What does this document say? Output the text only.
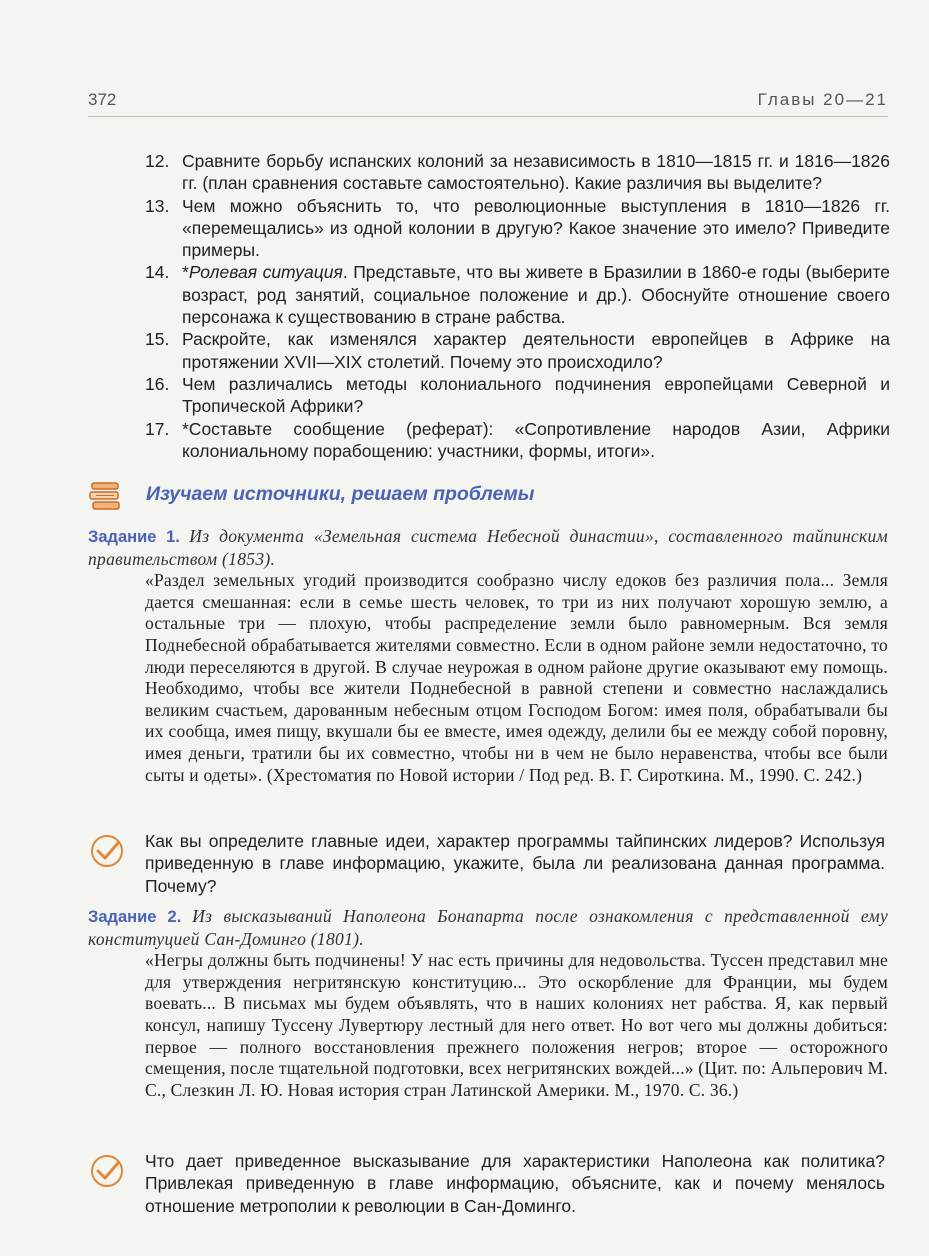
372	Главы 20—21
12. Сравните борьбу испанских колоний за независимость в 1810—1815 гг. и 1816—1826 гг. (план сравнения составьте самостоятельно). Какие различия вы выделите?
13. Чем можно объяснить то, что революционные выступления в 1810—1826 гг. «перемещались» из одной колонии в другую? Какое значение это имело? Приведите примеры.
14. *Ролевая ситуация. Представьте, что вы живете в Бразилии в 1860-е годы (выберите возраст, род занятий, социальное положение и др.). Обоснуйте отношение своего персонажа к существованию в стране рабства.
15. Раскройте, как изменялся характер деятельности европейцев в Африке на протяжении XVII—XIX столетий. Почему это происходило?
16. Чем различались методы колониального подчинения европейцами Северной и Тропической Африки?
17. *Составьте сообщение (реферат): «Сопротивление народов Азии, Африки колониальному порабощению: участники, формы, итоги».
Изучаем источники, решаем проблемы
Задание 1. Из документа «Земельная система Небесной династии», составленного тайпинским правительством (1853).
«Раздел земельных угодий производится сообразно числу едоков без различия пола... Земля дается смешанная: если в семье шесть человек, то три из них получают хорошую землю, а остальные три — плохую, чтобы распределение земли было равномерным. Вся земля Поднебесной обрабатывается жителями совместно. Если в одном районе земли недостаточно, то люди переселяются в другой. В случае неурожая в одном районе другие оказывают ему помощь. Необходимо, чтобы все жители Поднебесной в равной степени и совместно наслаждались великим счастьем, дарованным небесным отцом Господом Богом: имея поля, обрабатывали бы их сообща, имея пищу, вкушали бы ее вместе, имея одежду, делили бы ее между собой поровну, имея деньги, тратили бы их совместно, чтобы ни в чем не было неравенства, чтобы все были сыты и одеты». (Хрестоматия по Новой истории / Под ред. В. Г. Сироткина. М., 1990. С. 242.)
Как вы определите главные идеи, характер программы тайпинских лидеров? Используя приведенную в главе информацию, укажите, была ли реализована данная программа. Почему?
Задание 2. Из высказываний Наполеона Бонапарта после ознакомления с представленной ему конституцией Сан-Доминго (1801).
«Негры должны быть подчинены! У нас есть причины для недовольства. Туссен представил мне для утверждения негритянскую конституцию... Это оскорбление для Франции, мы будем воевать... В письмах мы будем объявлять, что в наших колониях нет рабства. Я, как первый консул, напишу Туссену Лувертюру лестный для него ответ. Но вот чего мы должны добиться: первое — полного восстановления прежнего положения негров; второе — осторожного смещения, после тщательной подготовки, всех негритянских вождей...» (Цит. по: Альперович М. С., Слезкин Л. Ю. Новая история стран Латинской Америки. М., 1970. С. 36.)
Что дает приведенное высказывание для характеристики Наполеона как политика? Привлекая приведенную в главе информацию, объясните, как и почему менялось отношение метрополии к революции в Сан-Доминго.
